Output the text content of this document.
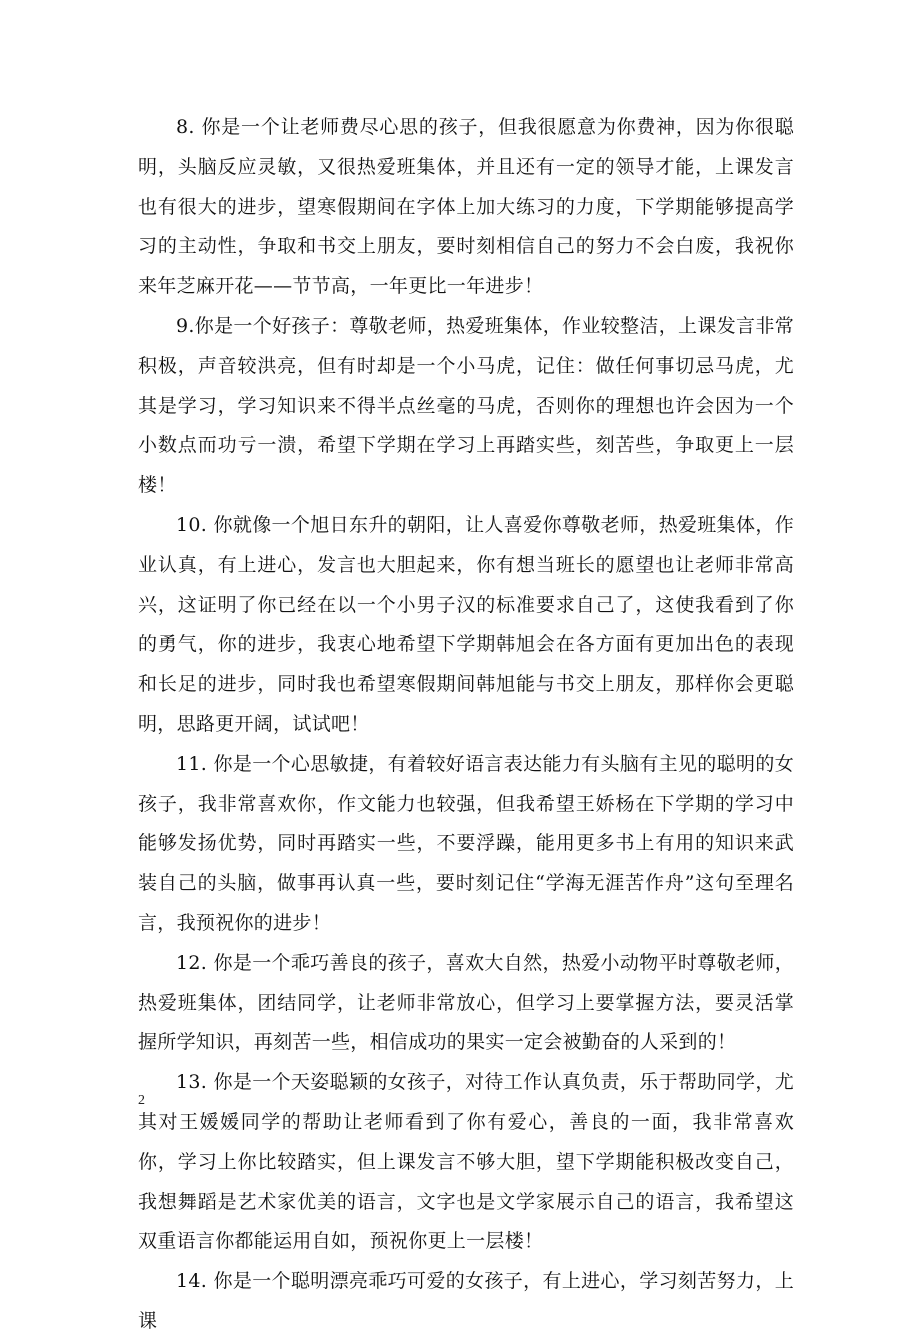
8. 你是一个让老师费尽心思的孩子，但我很愿意为你费神，因为你很聪明，头脑反应灵敏，又很热爱班集体，并且还有一定的领导才能，上课发言也有很大的进步，望寒假期间在字体上加大练习的力度，下学期能够提高学习的主动性，争取和书交上朋友，要时刻相信自己的努力不会白废，我祝你来年芝麻开花——节节高，一年更比一年进步！

9.你是一个好孩子：尊敬老师，热爱班集体，作业较整洁，上课发言非常积极，声音较洪亮，但有时却是一个小马虎，记住：做任何事切忌马虎，尤其是学习，学习知识来不得半点丝毫的马虎，否则你的理想也许会因为一个小数点而功亏一溃，希望下学期在学习上再踏实些，刻苦些，争取更上一层楼！

10. 你就像一个旭日东升的朝阳，让人喜爱你尊敬老师，热爱班集体，作业认真，有上进心，发言也大胆起来，你有想当班长的愿望也让老师非常高兴，这证明了你已经在以一个小男子汉的标准要求自己了，这使我看到了你的勇气，你的进步，我衷心地希望下学期韩旭会在各方面有更加出色的表现和长足的进步，同时我也希望寒假期间韩旭能与书交上朋友，那样你会更聪明，思路更开阔，试试吧！

11. 你是一个心思敏捷，有着较好语言表达能力有头脑有主见的聪明的女孩子，我非常喜欢你，作文能力也较强，但我希望王娇杨在下学期的学习中能够发扬优势，同时再踏实一些，不要浮躁，能用更多书上有用的知识来武装自己的头脑，做事再认真一些，要时刻记住“学海无涯苦作舟”这句至理名言，我预祝你的进步！

12. 你是一个乖巧善良的孩子，喜欢大自然，热爱小动物平时尊敬老师，热爱班集体，团结同学，让老师非常放心，但学习上要掌握方法，要灵活掌握所学知识，再刻苦一些，相信成功的果实一定会被勤奋的人采到的！

13. 你是一个天姿聪颖的女孩子，对待工作认真负责，乐于帮助同学，尤其对王媛媛同学的帮助让老师看到了你有爱心，善良的一面，我非常喜欢你，学习上你比较踏实，但上课发言不够大胆，望下学期能积极改变自己，我想舞蹈是艺术家优美的语言，文字也是文学家展示自己的语言，我希望这双重语言你都能运用自如，预祝你更上一层楼！

14. 你是一个聪明漂亮乖巧可爱的女孩子，有上进心，学习刻苦努力，上课

2
